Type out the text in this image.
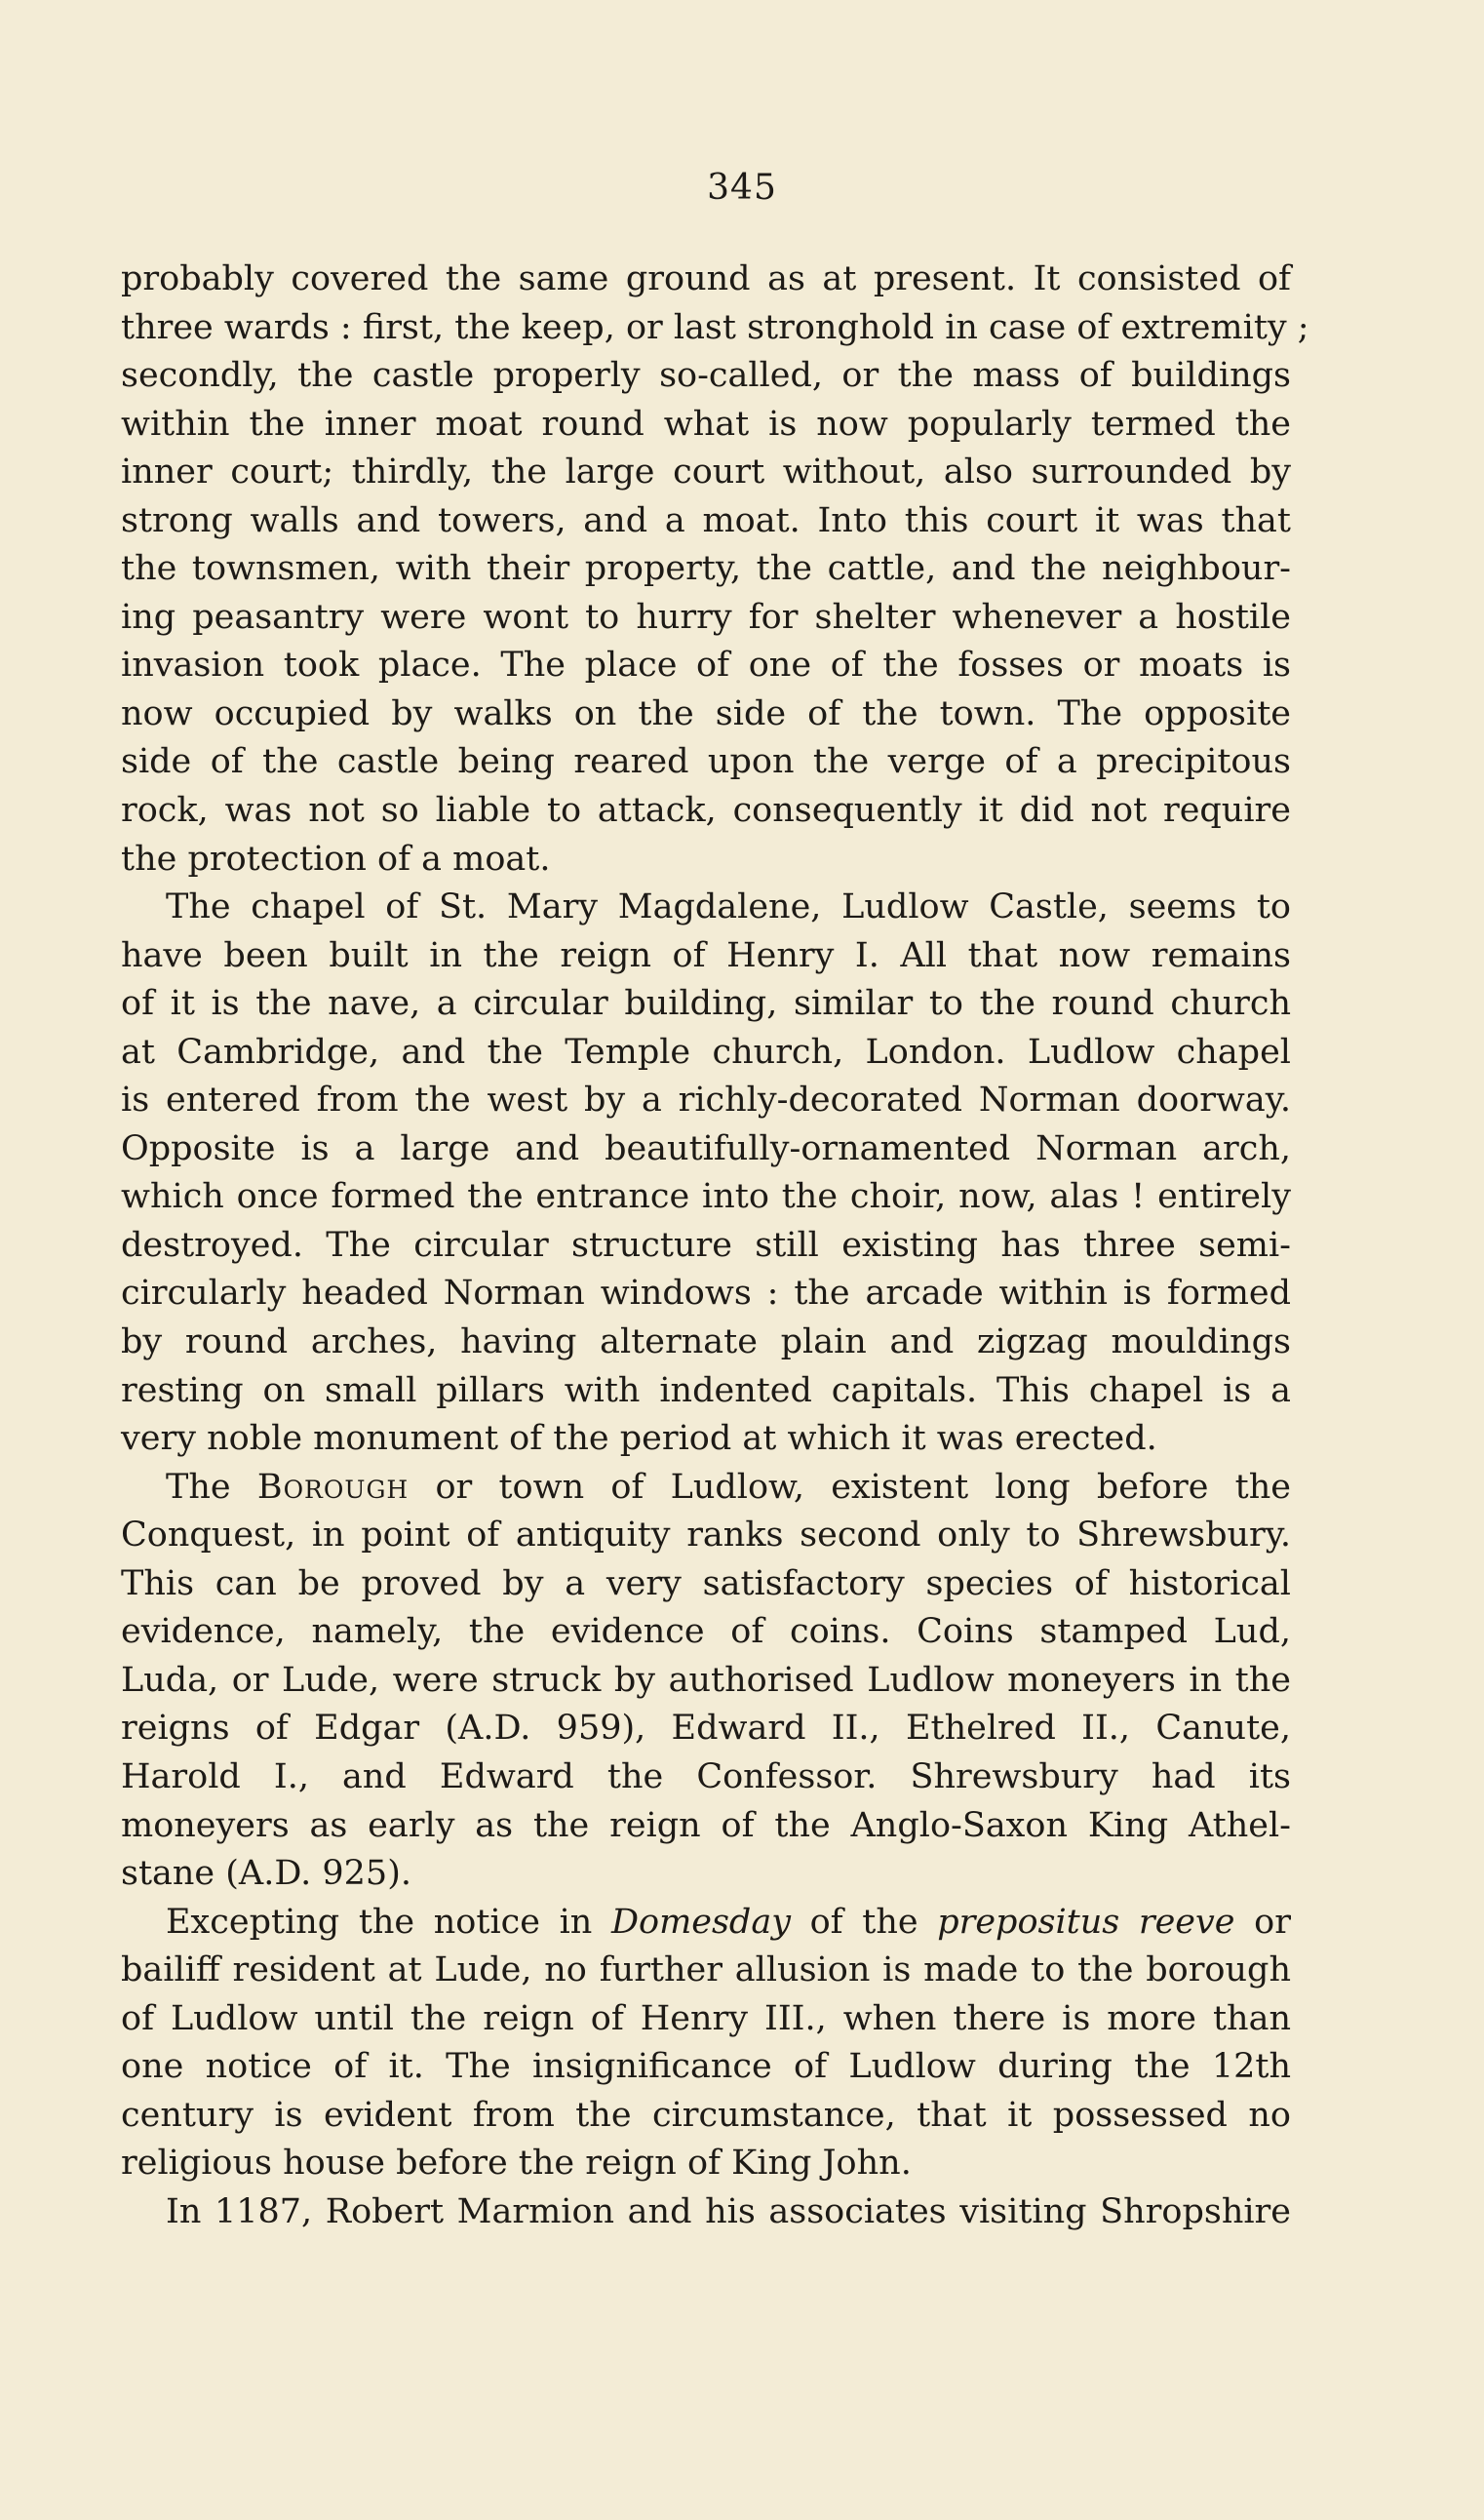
345
probably covered the same ground as at present. It consisted of
three wards : first, the keep, or last stronghold in case of extremity ;
secondly, the castle properly so-called, or the mass of buildings
within the inner moat round what is now popularly termed the
inner court; thirdly, the large court without, also surrounded by
strong walls and towers, and a moat. Into this court it was that
the townsmen, with their property, the cattle, and the neighbour-
ing peasantry were wont to hurry for shelter whenever a hostile
invasion took place. The place of one of the fosses or moats is
now occupied by walks on the side of the town. The opposite
side of the castle being reared upon the verge of a precipitous
rock, was not so liable to attack, consequently it did not require
the protection of a moat.
The chapel of St. Mary Magdalene, Ludlow Castle, seems to
have been built in the reign of Henry I. All that now remains
of it is the nave, a circular building, similar to the round church
at Cambridge, and the Temple church, London. Ludlow chapel
is entered from the west by a richly-decorated Norman doorway.
Opposite is a large and beautifully-ornamented Norman arch,
which once formed the entrance into the choir, now, alas ! entirely
destroyed. The circular structure still existing has three semi-
circularly headed Norman windows : the arcade within is formed
by round arches, having alternate plain and zigzag mouldings
resting on small pillars with indented capitals. This chapel is a
very noble monument of the period at which it was erected.
The Borough or town of Ludlow, existent long before the
Conquest, in point of antiquity ranks second only to Shrewsbury.
This can be proved by a very satisfactory species of historical
evidence, namely, the evidence of coins. Coins stamped Lud,
Luda, or Lude, were struck by authorised Ludlow moneyers in the
reigns of Edgar (A.D. 959), Edward II., Ethelred II., Canute,
Harold I., and Edward the Confessor. Shrewsbury had its
moneyers as early as the reign of the Anglo-Saxon King Athel-
stane (A.D. 925).
Excepting the notice in Domesday of the prepositus reeve or
bailiff resident at Lude, no further allusion is made to the borough
of Ludlow until the reign of Henry III., when there is more than
one notice of it. The insignificance of Ludlow during the 12th
century is evident from the circumstance, that it possessed no
religious house before the reign of King John.
In 1187, Robert Marmion and his associates visiting Shropshire
